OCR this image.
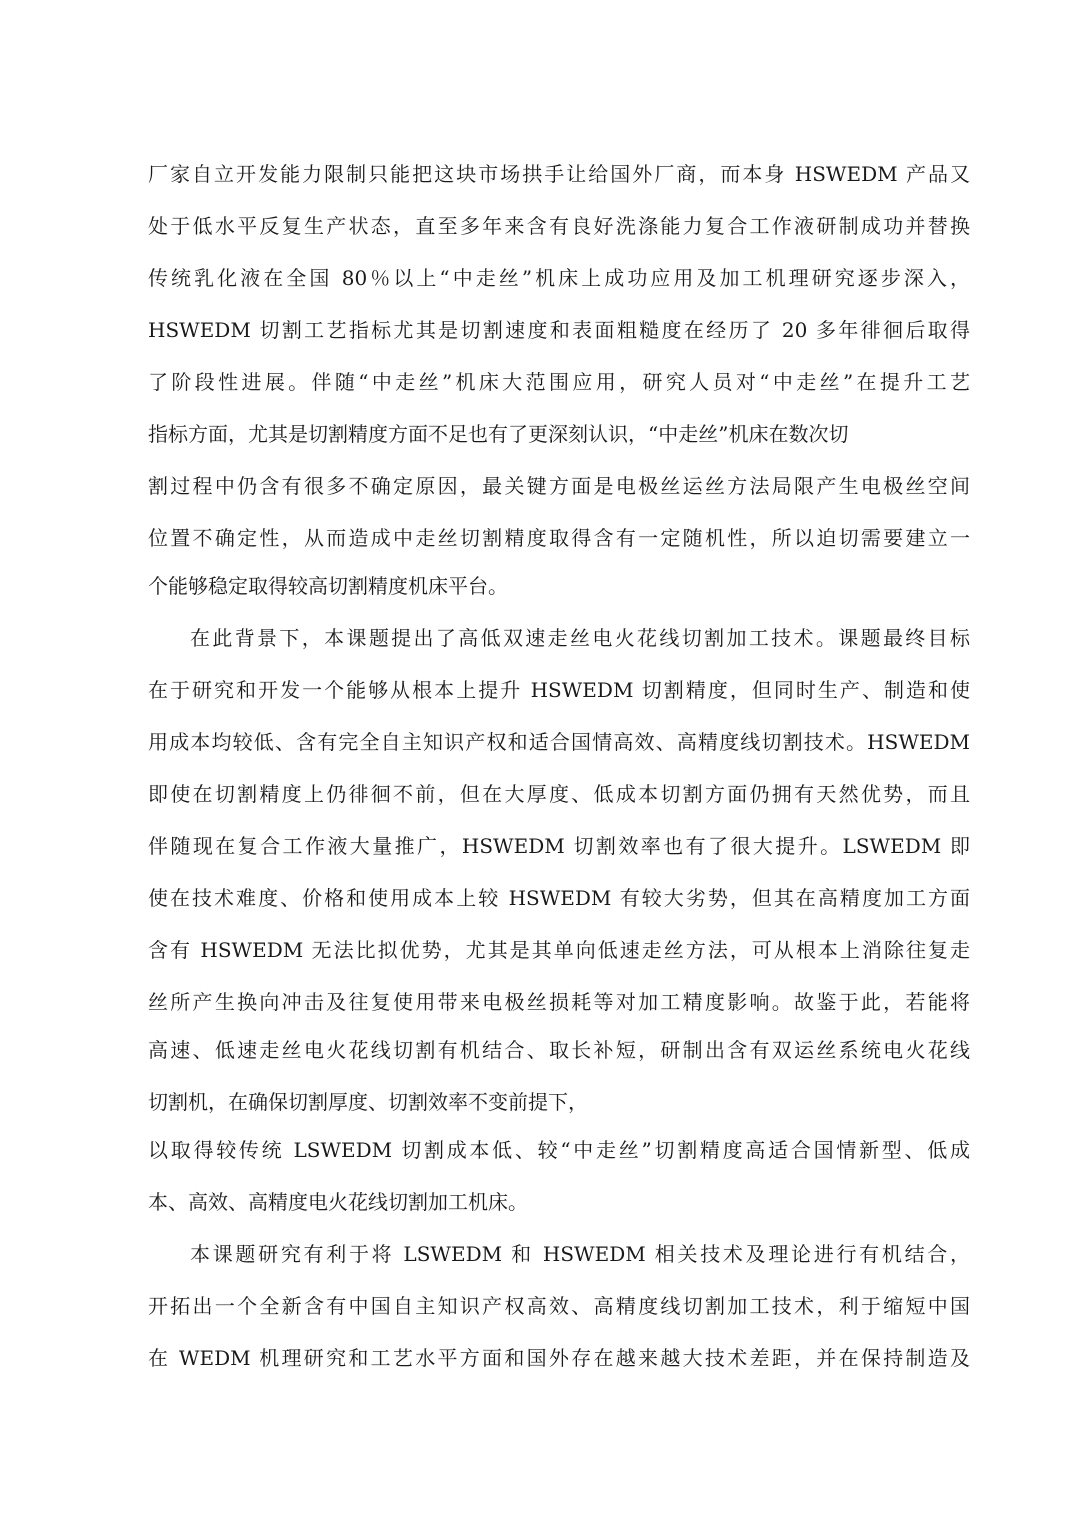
厂家自立开发能力限制只能把这块市场拱手让给国外厂商，而本身 HSWEDM 产品又
处于低水平反复生产状态，直至多年来含有良好洗涤能力复合工作液研制成功并替换
传统乳化液在全国 80％以上“中走丝”机床上成功应用及加工机理研究逐步深入，
HSWEDM 切割工艺指标尤其是切割速度和表面粗糙度在经历了 20 多年徘徊后取得
了阶段性进展。伴随“中走丝”机床大范围应用，研究人员对“中走丝”在提升工艺
指标方面，尤其是切割精度方面不足也有了更深刻认识，“中走丝”机床在数次切
割过程中仍含有很多不确定原因，最关键方面是电极丝运丝方法局限产生电极丝空间
位置不确定性，从而造成中走丝切割精度取得含有一定随机性，所以迫切需要建立一
个能够稳定取得较高切割精度机床平台。
在此背景下，本课题提出了高低双速走丝电火花线切割加工技术。课题最终目标
在于研究和开发一个能够从根本上提升 HSWEDM 切割精度，但同时生产、制造和使
用成本均较低、含有完全自主知识产权和适合国情高效、高精度线切割技术。HSWEDM
即使在切割精度上仍徘徊不前，但在大厚度、低成本切割方面仍拥有天然优势，而且
伴随现在复合工作液大量推广，HSWEDM 切割效率也有了很大提升。LSWEDM 即
使在技术难度、价格和使用成本上较 HSWEDM 有较大劣势，但其在高精度加工方面
含有 HSWEDM 无法比拟优势，尤其是其单向低速走丝方法，可从根本上消除往复走
丝所产生换向冲击及往复使用带来电极丝损耗等对加工精度影响。故鉴于此，若能将
高速、低速走丝电火花线切割有机结合、取长补短，研制出含有双运丝系统电火花线
切割机，在确保切割厚度、切割效率不变前提下，
以取得较传统 LSWEDM 切割成本低、较“中走丝”切割精度高适合国情新型、低成
本、高效、高精度电火花线切割加工机床。
本课题研究有利于将 LSWEDM 和 HSWEDM 相关技术及理论进行有机结合，
开拓出一个全新含有中国自主知识产权高效、高精度线切割加工技术，利于缩短中国
在 WEDM 机理研究和工艺水平方面和国外存在越来越大技术差距，并在保持制造及
